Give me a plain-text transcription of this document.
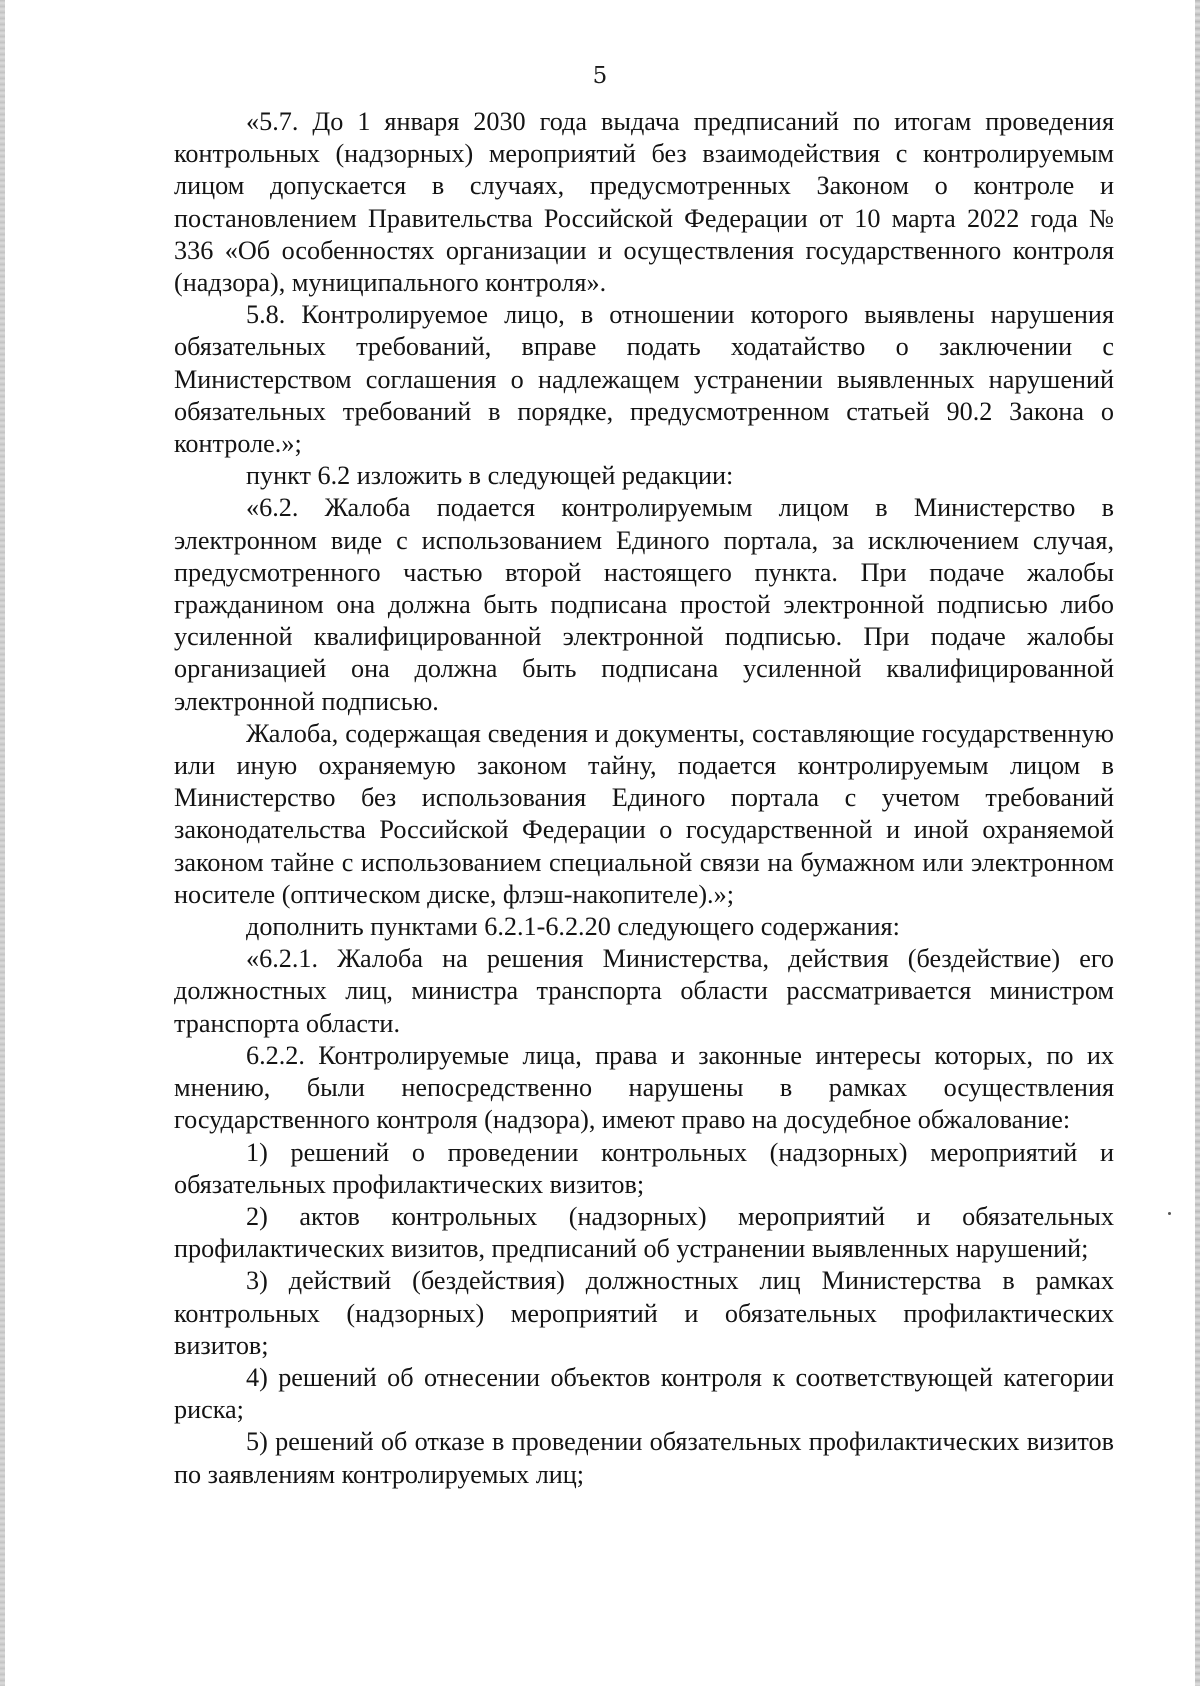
5

«5.7. До 1 января 2030 года выдача предписаний по итогам проведения контрольных (надзорных) мероприятий без взаимодействия с контролируемым лицом допускается в случаях, предусмотренных Законом о контроле и постановлением Правительства Российской Федерации от 10 марта 2022 года № 336 «Об особенностях организации и осуществления государственного контроля (надзора), муниципального контроля».

5.8. Контролируемое лицо, в отношении которого выявлены нарушения обязательных требований, вправе подать ходатайство о заключении с Министерством соглашения о надлежащем устранении выявленных нарушений обязательных требований в порядке, предусмотренном статьей 90.2 Закона о контроле.»;

пункт 6.2 изложить в следующей редакции:

«6.2. Жалоба подается контролируемым лицом в Министерство в электронном виде с использованием Единого портала, за исключением случая, предусмотренного частью второй настоящего пункта. При подаче жалобы гражданином она должна быть подписана простой электронной подписью либо усиленной квалифицированной электронной подписью. При подаче жалобы организацией она должна быть подписана усиленной квалифицированной электронной подписью.

Жалоба, содержащая сведения и документы, составляющие государственную или иную охраняемую законом тайну, подается контролируемым лицом в Министерство без использования Единого портала с учетом требований законодательства Российской Федерации о государственной и иной охраняемой законом тайне с использованием специальной связи на бумажном или электронном носителе (оптическом диске, флэш-накопителе).»;

дополнить пунктами 6.2.1-6.2.20 следующего содержания:

«6.2.1. Жалоба на решения Министерства, действия (бездействие) его должностных лиц, министра транспорта области рассматривается министром транспорта области.

6.2.2. Контролируемые лица, права и законные интересы которых, по их мнению, были непосредственно нарушены в рамках осуществления государственного контроля (надзора), имеют право на досудебное обжалование:

1) решений о проведении контрольных (надзорных) мероприятий и обязательных профилактических визитов;

2) актов контрольных (надзорных) мероприятий и обязательных профилактических визитов, предписаний об устранении выявленных нарушений;

3) действий (бездействия) должностных лиц Министерства в рамках контрольных (надзорных) мероприятий и обязательных профилактических визитов;

4) решений об отнесении объектов контроля к соответствующей категории риска;

5) решений об отказе в проведении обязательных профилактических визитов по заявлениям контролируемых лиц;
